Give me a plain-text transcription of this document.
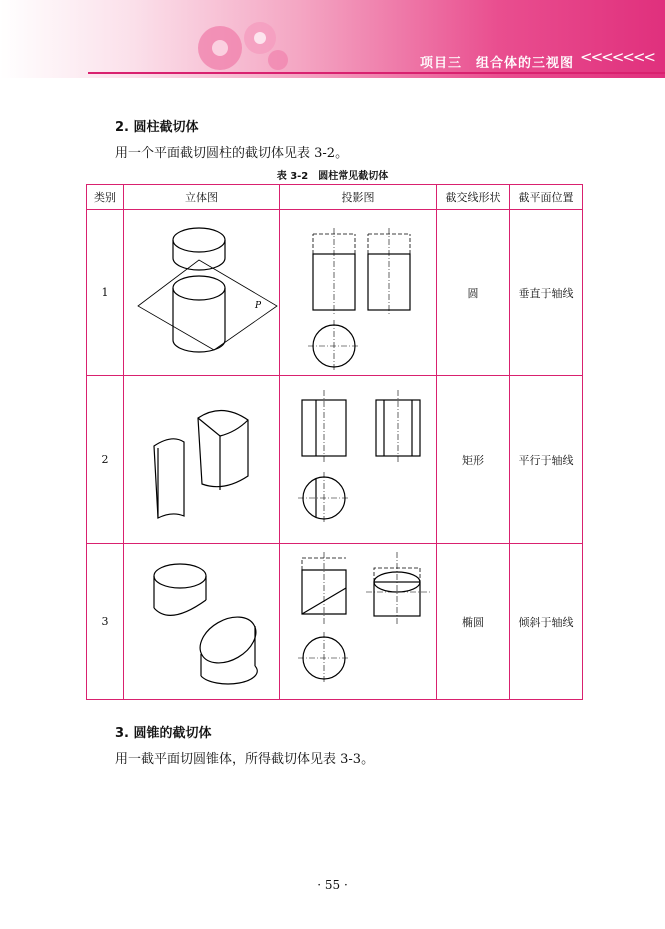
项目三　组合体的三视图 <<<<<<<
2. 圆柱截切体
用一个平面截切圆柱的截切体见表 3-2。
表 3-2　圆柱常见截切体
类别	立体图	投影图	截交线形状	截平面位置
1	P		圆	垂直于轴线
2			矩形	平行于轴线
3			椭圆	倾斜于轴线
3. 圆锥的截切体
用一截平面切圆锥体，所得截切体见表 3-3。
· 55 ·
